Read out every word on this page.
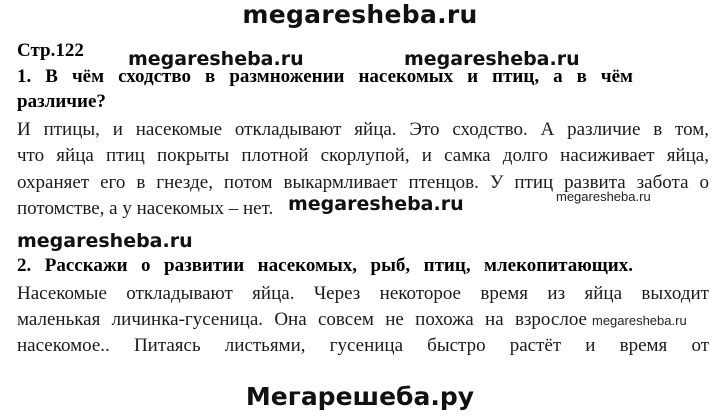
megaresheba.ru
Стр.122 megaresheba.ru	megaresheba.ru
1. В чём сходство в размножении насекомых и птиц, а в чём
различие?
И птицы, и насекомые откладывают яйца. Это сходство. А различие в том,
что яйца птиц покрыты плотной скорлупой, и самка долго насиживает яйца,
охраняет его в гнезде, потом выкармливает птенцов. У птиц развита забота о
потомстве, а у насекомых – нет. megaresheba.ru	megaresheba.ru
megaresheba.ru
2. Расскажи о развитии насекомых, рыб, птиц, млекопитающих.
Насекомые откладывают яйца. Через некоторое время из яйца выходит
маленькая личинка-гусеница. Она совсем не похожа на взрослое
насекомое.. Питаясь листьями, гусеница быстро растёт и время от
megaresheba.ru
Мегарешеба.ру
